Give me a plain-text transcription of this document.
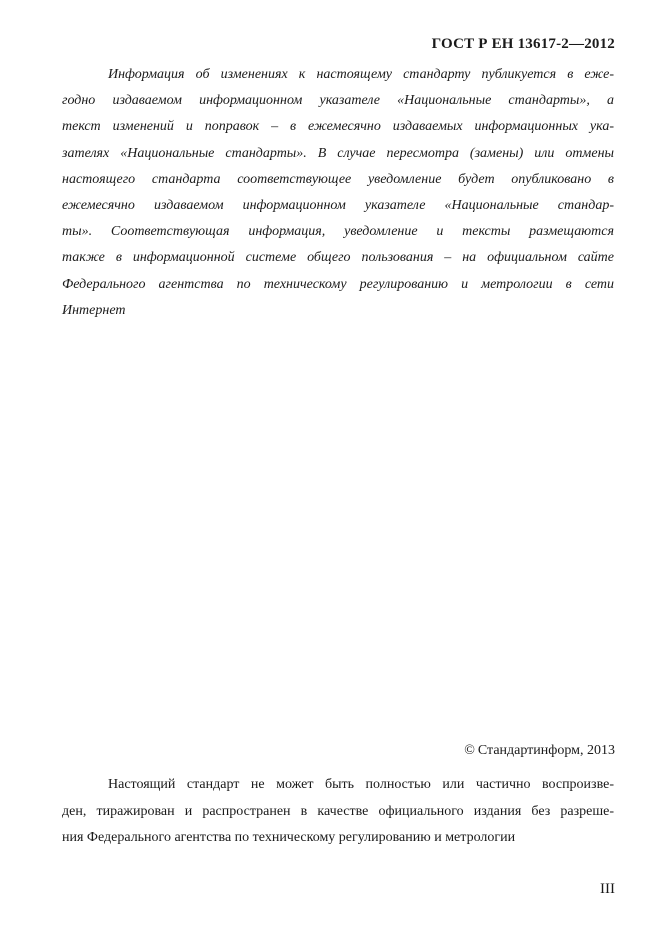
ГОСТ Р ЕН 13617-2—2012
Информация об изменениях к настоящему стандарту публикуется в еже-
годно издаваемом информационном указателе «Национальные стандарты», а
текст изменений и поправок – в ежемесячно издаваемых информационных ука-
зателях «Национальные стандарты». В случае пересмотра (замены) или отмены
настоящего стандарта соответствующее уведомление будет опубликовано в
ежемесячно издаваемом информационном указателе «Национальные стандар-
ты». Соответствующая информация, уведомление и тексты размещаются
также в информационной системе общего пользования – на официальном сайте
Федерального агентства по техническому регулированию и метрологии в сети
Интернет
© Стандартинформ, 2013
Настоящий стандарт не может быть полностью или частично воспроизве-
ден, тиражирован и распространен в качестве официального издания без разреше-
ния Федерального агентства по техническому регулированию и метрологии
III
